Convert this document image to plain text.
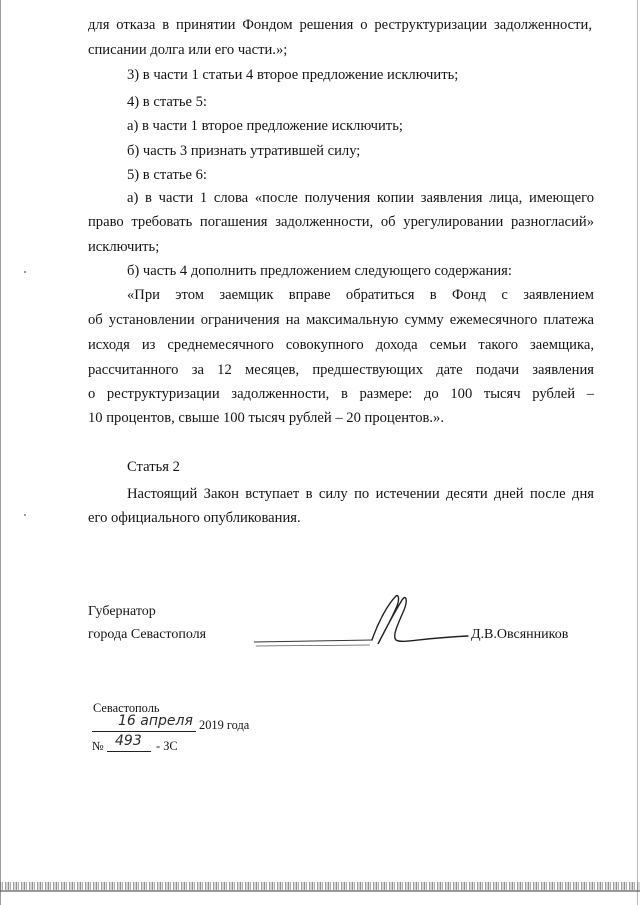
для отказа в принятии Фондом решения о реструктуризации задолженности,
списании долга или его части.»;
3) в части 1 статьи 4 второе предложение исключить;
4) в статье 5:
а) в части 1 второе предложение исключить;
б) часть 3 признать утратившей силу;
5) в статье 6:
а) в части 1 слова «после получения копии заявления лица, имеющего
право требовать погашения задолженности, об урегулировании разногласий»
исключить;
б) часть 4 дополнить предложением следующего содержания:
«При этом заемщик вправе обратиться в Фонд с заявлением
об установлении ограничения на максимальную сумму ежемесячного платежа
исходя из среднемесячного совокупного дохода семьи такого заемщика,
рассчитанного за 12 месяцев, предшествующих дате подачи заявления
о реструктуризации задолженности, в размере: до 100 тысяч рублей –
10 процентов, свыше 100 тысяч рублей – 20 процентов.».
Статья 2
Настоящий Закон вступает в силу по истечении десяти дней после дня
его официального опубликования.
Губернатор
города Севастополя	Д.В.Овсянников
Севастополь
16 апреля 2019 года
№ 493 - ЗС
